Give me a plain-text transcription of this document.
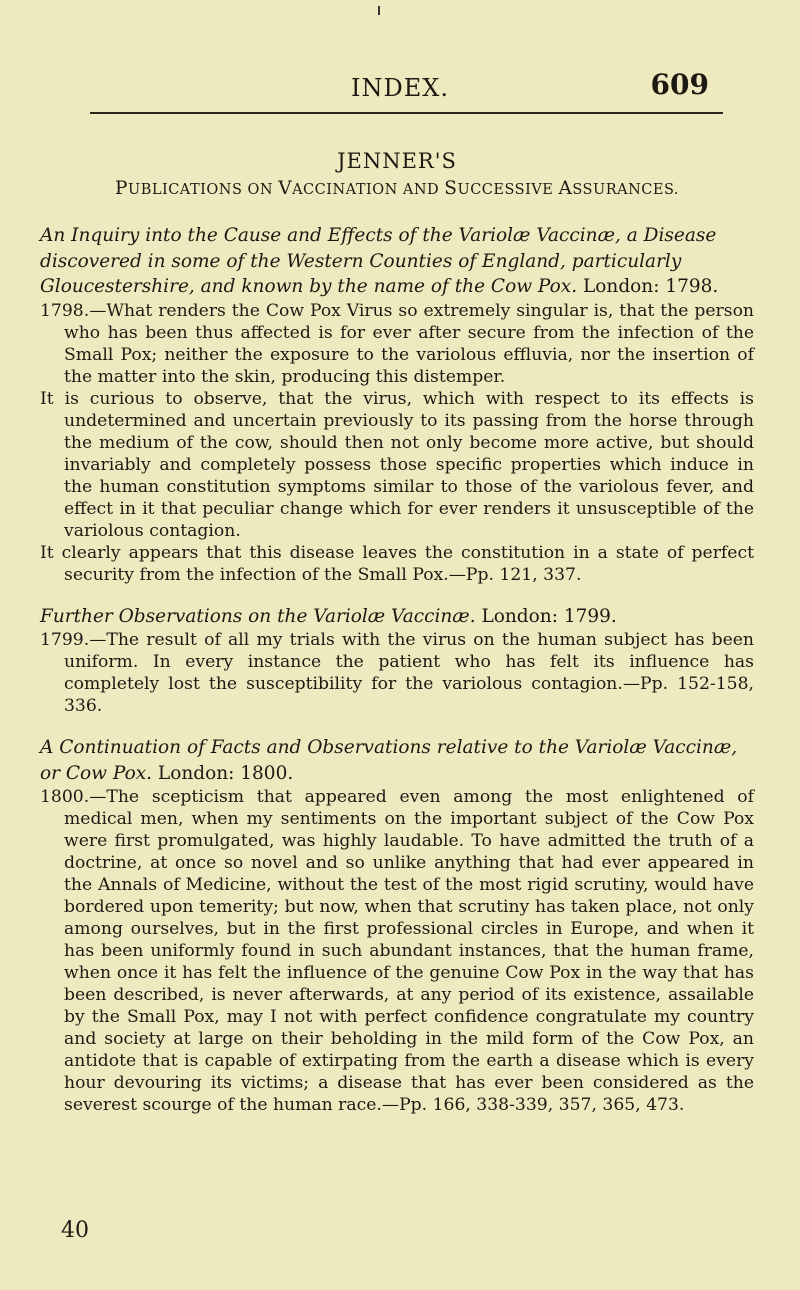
INDEX.	609

JENNER'S

PUBLICATIONS ON VACCINATION AND SUCCESSIVE ASSURANCES.

An Inquiry into the Cause and Effects of the Variolæ Vaccinæ, a Disease discovered in some of the Western Counties of England, particularly Gloucestershire, and known by the name of the Cow Pox. London: 1798.

1798.—What renders the Cow Pox Virus so extremely singular is, that the person who has been thus affected is for ever after secure from the infection of the Small Pox; neither the exposure to the variolous effluvia, nor the insertion of the matter into the skin, producing this distemper.

It is curious to observe, that the virus, which with respect to its effects is undetermined and uncertain previously to its passing from the horse through the medium of the cow, should then not only become more active, but should invariably and completely possess those specific properties which induce in the human constitution symptoms similar to those of the variolous fever, and effect in it that peculiar change which for ever renders it unsusceptible of the variolous contagion.

It clearly appears that this disease leaves the constitution in a state of perfect security from the infection of the Small Pox.—Pp. 121, 337.

Further Observations on the Variolæ Vaccinæ. London: 1799.

1799.—The result of all my trials with the virus on the human subject has been uniform. In every instance the patient who has felt its influence has completely lost the susceptibility for the variolous contagion.—Pp. 152-158, 336.

A Continuation of Facts and Observations relative to the Variolæ Vaccinæ, or Cow Pox. London: 1800.

1800.—The scepticism that appeared even among the most enlightened of medical men, when my sentiments on the important subject of the Cow Pox were first promulgated, was highly laudable. To have admitted the truth of a doctrine, at once so novel and so unlike anything that had ever appeared in the Annals of Medicine, without the test of the most rigid scrutiny, would have bordered upon temerity; but now, when that scrutiny has taken place, not only among ourselves, but in the first professional circles in Europe, and when it has been uniformly found in such abundant instances, that the human frame, when once it has felt the influence of the genuine Cow Pox in the way that has been described, is never afterwards, at any period of its existence, assailable by the Small Pox, may I not with perfect confidence congratulate my country and society at large on their beholding in the mild form of the Cow Pox, an antidote that is capable of extirpating from the earth a disease which is every hour devouring its victims; a disease that has ever been considered as the severest scourge of the human race.—Pp. 166, 338-339, 357, 365, 473.

40
